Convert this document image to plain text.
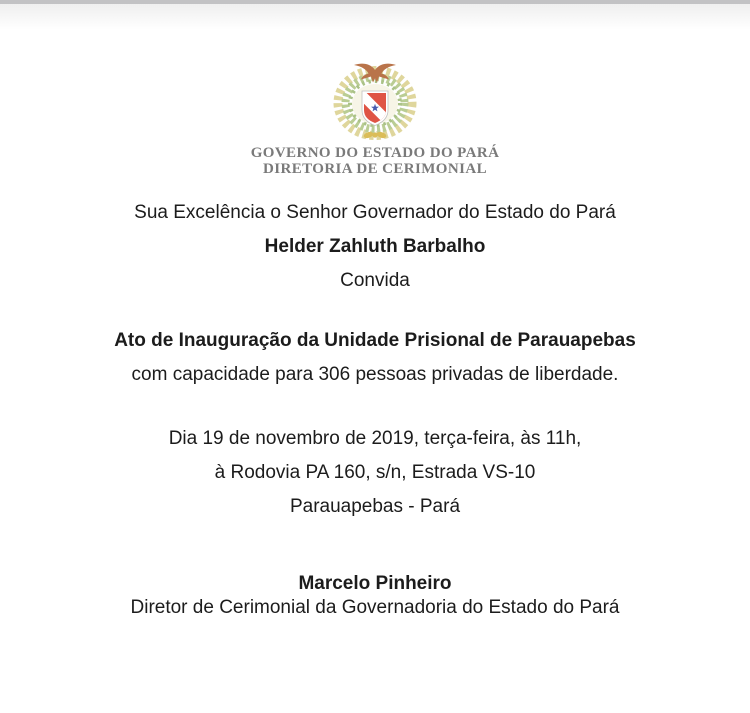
GOVERNO DO ESTADO DO PARÁ
DIRETORIA DE CERIMONIAL
Sua Excelência o Senhor Governador do Estado do Pará
Helder Zahluth Barbalho
Convida
Ato de Inauguração da Unidade Prisional de Parauapebas
com capacidade para 306 pessoas privadas de liberdade.
Dia 19 de novembro de 2019, terça-feira, às 11h,
à Rodovia PA 160, s/n, Estrada VS-10
Parauapebas - Pará
Marcelo Pinheiro
Diretor de Cerimonial da Governadoria do Estado do Pará
